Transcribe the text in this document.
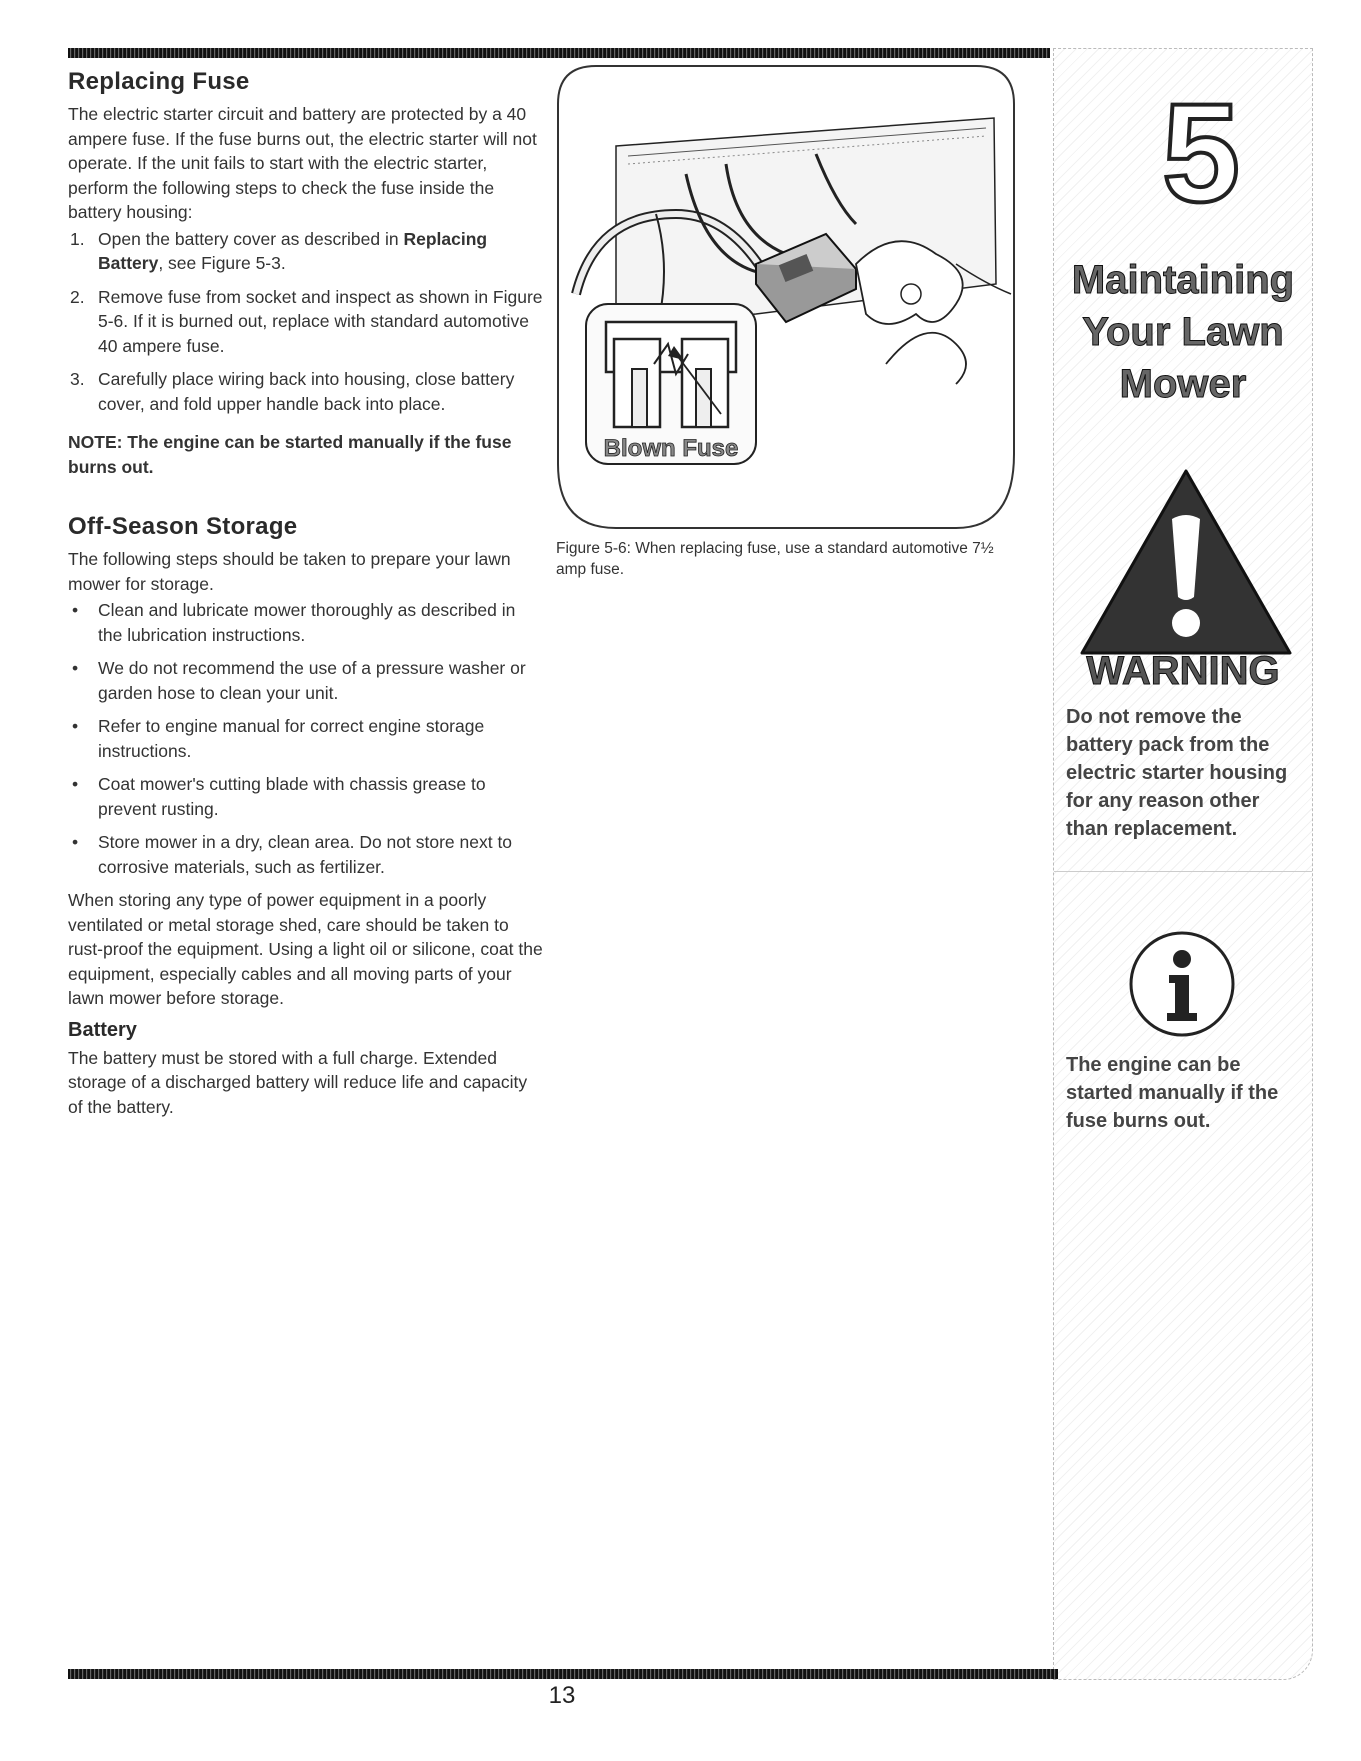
Replacing Fuse

The electric starter circuit and battery are protected by a 40 ampere fuse. If the fuse burns out, the electric starter will not operate. If the unit fails to start with the electric starter, perform the following steps to check the fuse inside the battery housing:

1. Open the battery cover as described in Replacing Battery, see Figure 5-3.
2. Remove fuse from socket and inspect as shown in Figure 5-6. If it is burned out, replace with standard automotive 40 ampere fuse.
3. Carefully place wiring back into housing, close battery cover, and fold upper handle back into place.
NOTE: The engine can be started manually if the fuse burns out.
Off-Season Storage

The following steps should be taken to prepare your lawn mower for storage.

• Clean and lubricate mower thoroughly as described in the lubrication instructions.
• We do not recommend the use of a pressure washer or garden hose to clean your unit.
• Refer to engine manual for correct engine storage instructions.
• Coat mower's cutting blade with chassis grease to prevent rusting.
• Store mower in a dry, clean area. Do not store next to corrosive materials, such as fertilizer.

When storing any type of power equipment in a poorly ventilated or metal storage shed, care should be taken to rust-proof the equipment. Using a light oil or silicone, coat the equipment, especially cables and all moving parts of your lawn mower before storage.

Battery

The battery must be stored with a full charge. Extended storage of a discharged battery will reduce life and capacity of the battery.

Blown Fuse
Figure 5-6: When replacing fuse, use a standard automotive 7½ amp fuse.
5
Maintaining
Your Lawn
Mower
WARNING
Do not remove the battery pack from the electric starter housing for any reason other than replacement.
The engine can be started manually if the fuse burns out.
13
